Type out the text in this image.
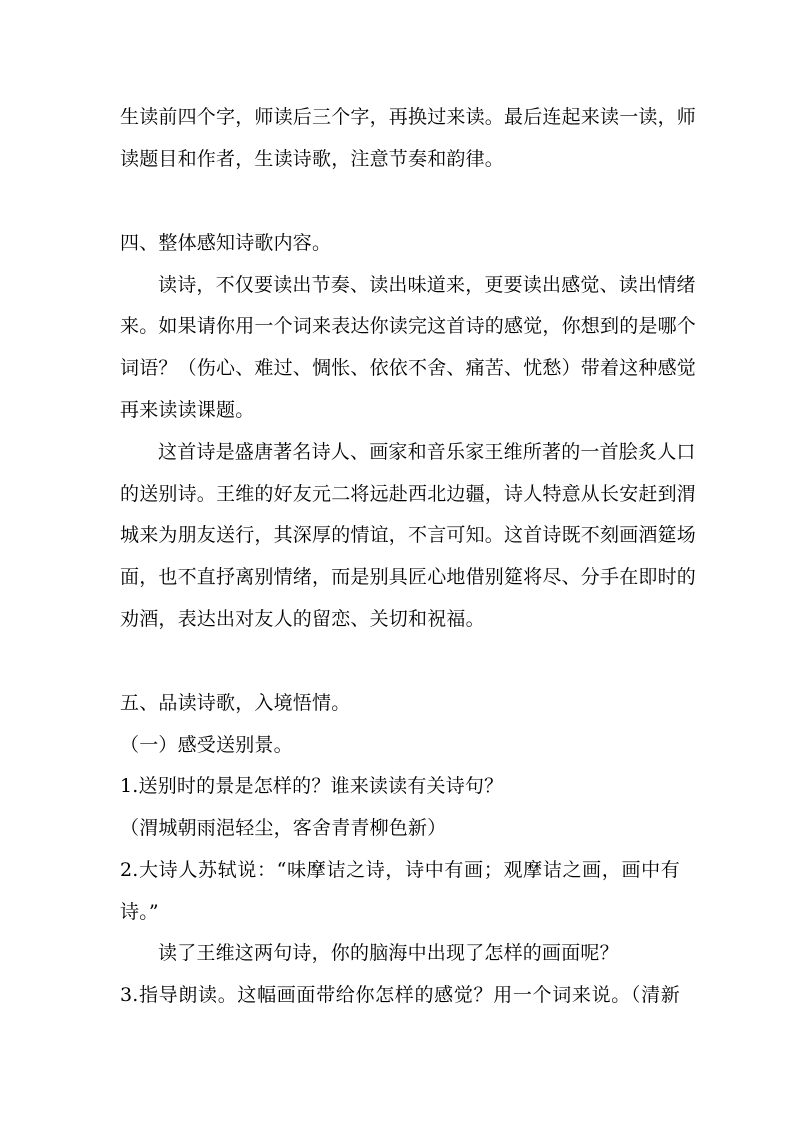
生读前四个字，师读后三个字，再换过来读。最后连起来读一读，师
读题目和作者，生读诗歌，注意节奏和韵律。
四、整体感知诗歌内容。
读诗，不仅要读出节奏、读出味道来，更要读出感觉、读出情绪
来。如果请你用一个词来表达你读完这首诗的感觉，你想到的是哪个
词语？（伤心、难过、惆怅、依依不舍、痛苦、忧愁）带着这种感觉
再来读读课题。
这首诗是盛唐著名诗人、画家和音乐家王维所著的一首脍炙人口
的送别诗。王维的好友元二将远赴西北边疆，诗人特意从长安赶到渭
城来为朋友送行，其深厚的情谊，不言可知。这首诗既不刻画酒筵场
面，也不直抒离别情绪，而是别具匠心地借别筵将尽、分手在即时的
劝酒，表达出对友人的留恋、关切和祝福。
五、品读诗歌，入境悟情。
（一）感受送别景。
1.送别时的景是怎样的？谁来读读有关诗句？
（渭城朝雨浥轻尘，客舍青青柳色新）
2.大诗人苏轼说：“味摩诘之诗，诗中有画；观摩诘之画，画中有
诗。”
读了王维这两句诗，你的脑海中出现了怎样的画面呢？
3.指导朗读。这幅画面带给你怎样的感觉？用一个词来说。（清新
